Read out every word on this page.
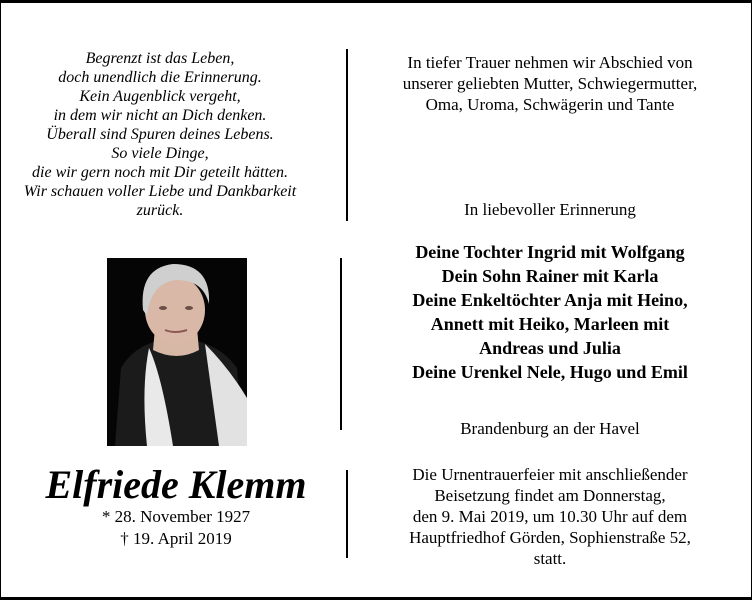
Begrenzt ist das Leben,
doch unendlich die Erinnerung.
Kein Augenblick vergeht,
in dem wir nicht an Dich denken.
Überall sind Spuren deines Lebens.
So viele Dinge,
die wir gern noch mit Dir geteilt hätten.
Wir schauen voller Liebe und Dankbarkeit
zurück.
Elfriede Klemm
* 28. November 1927
† 19. April 2019
In tiefer Trauer nehmen wir Abschied von
unserer geliebten Mutter, Schwiegermutter,
Oma, Uroma, Schwägerin und Tante
In liebevoller Erinnerung
Deine Tochter Ingrid mit Wolfgang
Dein Sohn Rainer mit Karla
Deine Enkeltöchter Anja mit Heino,
Annett mit Heiko, Marleen mit
Andreas und Julia
Deine Urenkel Nele, Hugo und Emil
Brandenburg an der Havel
Die Urnentrauerfeier mit anschließender
Beisetzung findet am Donnerstag,
den 9. Mai 2019, um 10.30 Uhr auf dem
Hauptfriedhof Görden, Sophienstraße 52,
statt.
